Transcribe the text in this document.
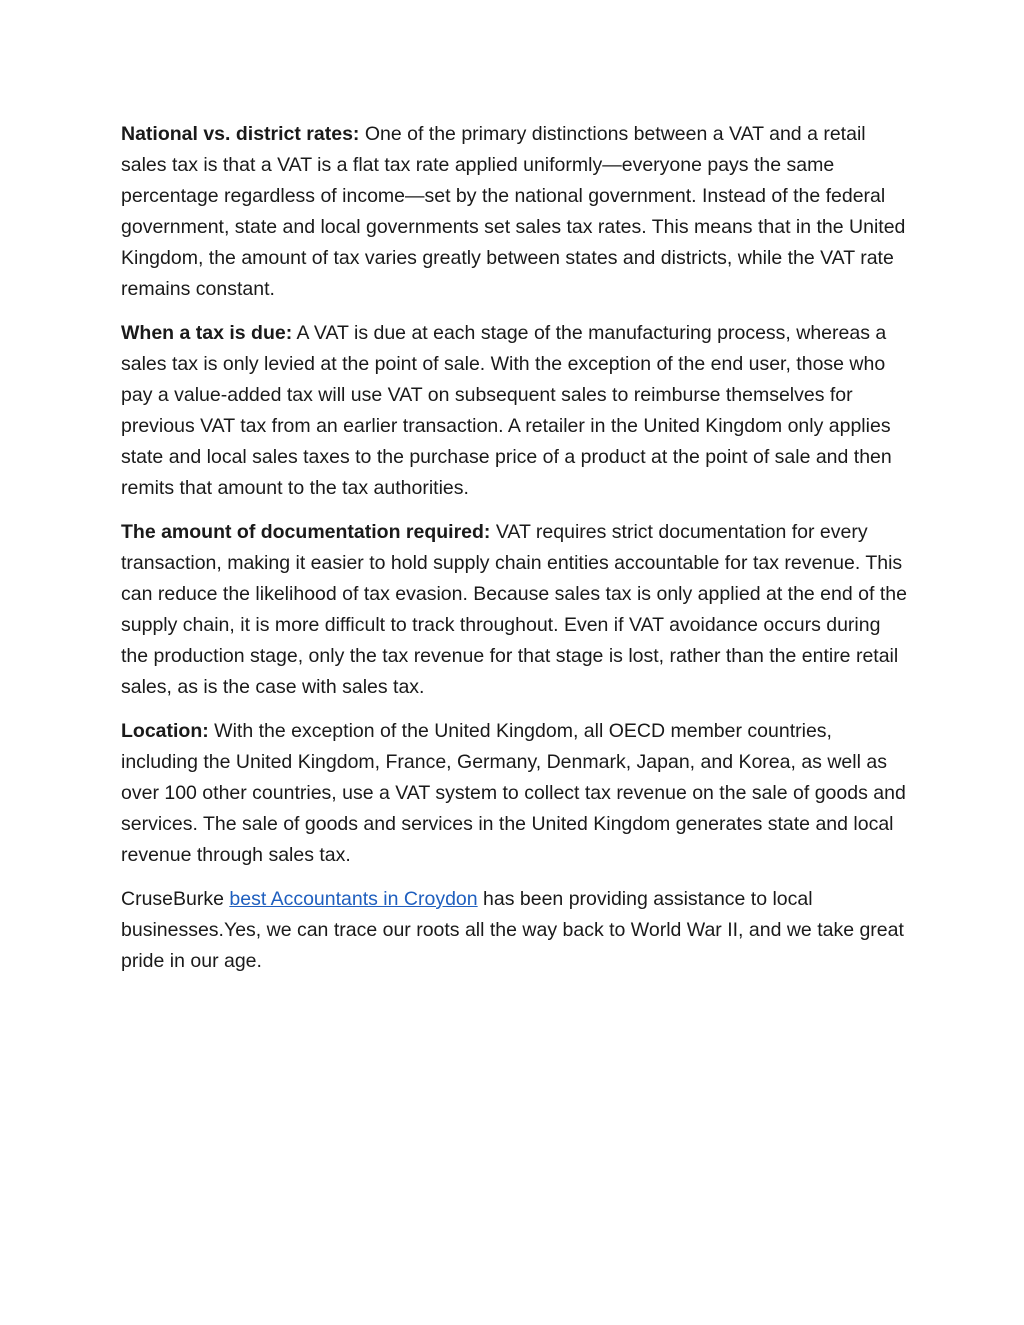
National vs. district rates: One of the primary distinctions between a VAT and a retail sales tax is that a VAT is a flat tax rate applied uniformly—everyone pays the same percentage regardless of income—set by the national government. Instead of the federal government, state and local governments set sales tax rates. This means that in the United Kingdom, the amount of tax varies greatly between states and districts, while the VAT rate remains constant.

When a tax is due: A VAT is due at each stage of the manufacturing process, whereas a sales tax is only levied at the point of sale. With the exception of the end user, those who pay a value-added tax will use VAT on subsequent sales to reimburse themselves for previous VAT tax from an earlier transaction. A retailer in the United Kingdom only applies state and local sales taxes to the purchase price of a product at the point of sale and then remits that amount to the tax authorities.

The amount of documentation required: VAT requires strict documentation for every transaction, making it easier to hold supply chain entities accountable for tax revenue. This can reduce the likelihood of tax evasion. Because sales tax is only applied at the end of the supply chain, it is more difficult to track throughout. Even if VAT avoidance occurs during the production stage, only the tax revenue for that stage is lost, rather than the entire retail sales, as is the case with sales tax.

Location: With the exception of the United Kingdom, all OECD member countries, including the United Kingdom, France, Germany, Denmark, Japan, and Korea, as well as over 100 other countries, use a VAT system to collect tax revenue on the sale of goods and services. The sale of goods and services in the United Kingdom generates state and local revenue through sales tax.

CruseBurke best Accountants in Croydon has been providing assistance to local businesses.Yes, we can trace our roots all the way back to World War II, and we take great pride in our age.
